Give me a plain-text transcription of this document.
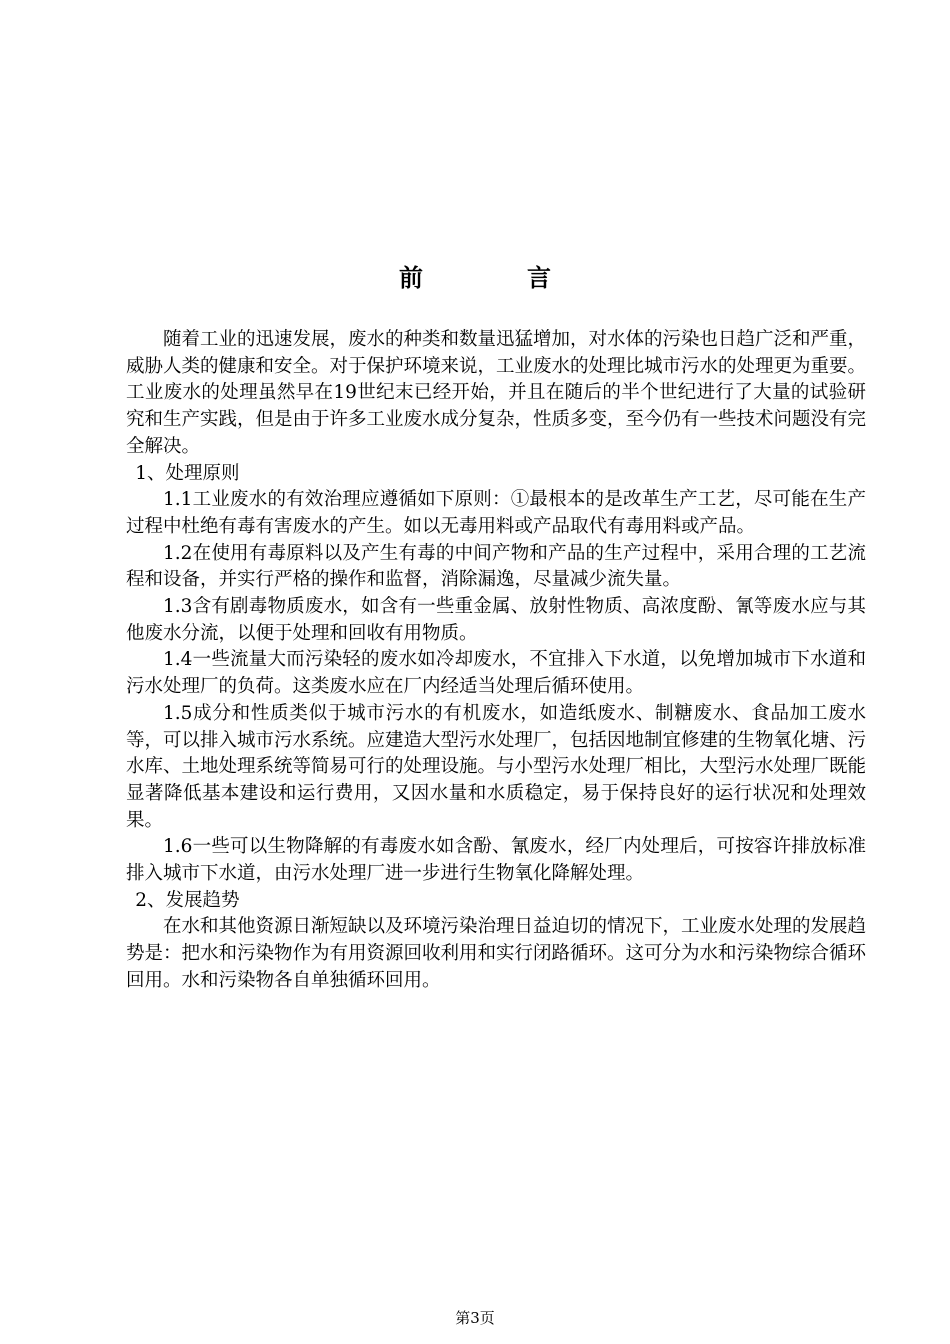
前言

随着工业的迅速发展，废水的种类和数量迅猛增加，对水体的污染也日趋广泛和严重，威胁人类的健康和安全。对于保护环境来说，工业废水的处理比城市污水的处理更为重要。工业废水的处理虽然早在19世纪末已经开始，并且在随后的半个世纪进行了大量的试验研究和生产实践，但是由于许多工业废水成分复杂，性质多变，至今仍有一些技术问题没有完全解决。

1、处理原则

1.1工业废水的有效治理应遵循如下原则：①最根本的是改革生产工艺，尽可能在生产过程中杜绝有毒有害废水的产生。如以无毒用料或产品取代有毒用料或产品。

1.2在使用有毒原料以及产生有毒的中间产物和产品的生产过程中，采用合理的工艺流程和设备，并实行严格的操作和监督，消除漏逸，尽量减少流失量。

1.3含有剧毒物质废水，如含有一些重金属、放射性物质、高浓度酚、氰等废水应与其他废水分流，以便于处理和回收有用物质。

1.4一些流量大而污染轻的废水如冷却废水，不宜排入下水道，以免增加城市下水道和污水处理厂的负荷。这类废水应在厂内经适当处理后循环使用。

1.5成分和性质类似于城市污水的有机废水，如造纸废水、制糖废水、食品加工废水等，可以排入城市污水系统。应建造大型污水处理厂，包括因地制宜修建的生物氧化塘、污水库、土地处理系统等简易可行的处理设施。与小型污水处理厂相比，大型污水处理厂既能显著降低基本建设和运行费用，又因水量和水质稳定，易于保持良好的运行状况和处理效果。

1.6一些可以生物降解的有毒废水如含酚、氰废水，经厂内处理后，可按容许排放标准排入城市下水道，由污水处理厂进一步进行生物氧化降解处理。

2、发展趋势

在水和其他资源日渐短缺以及环境污染治理日益迫切的情况下，工业废水处理的发展趋势是：把水和污染物作为有用资源回收利用和实行闭路循环。这可分为水和污染物综合循环回用。水和污染物各自单独循环回用。

第3页
